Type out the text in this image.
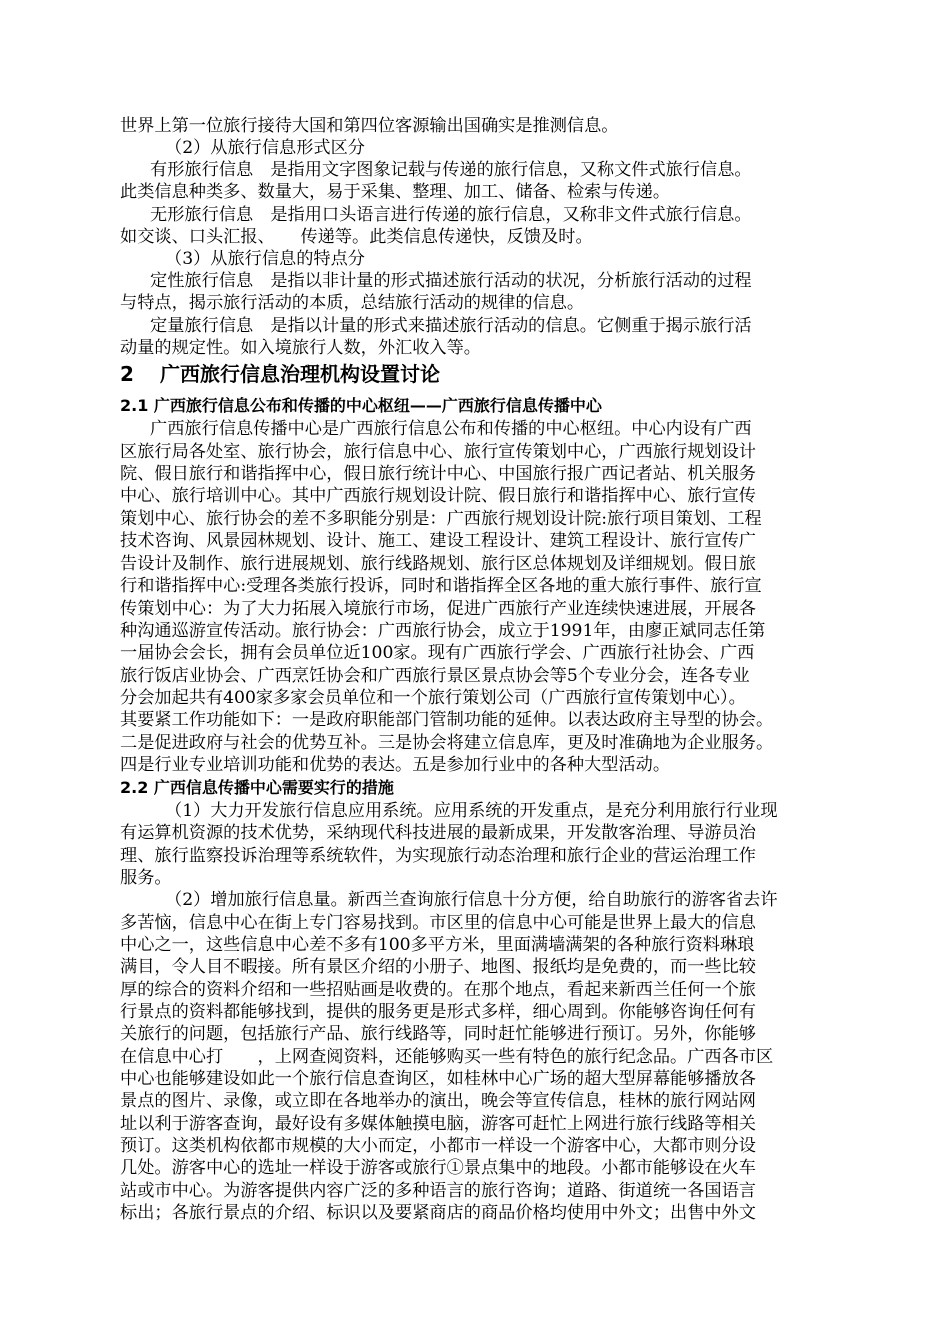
世界上第一位旅行接待大国和第四位客源输出国确实是推测信息。
（2）从旅行信息形式区分
有形旅行信息　是指用文字图象记载与传递的旅行信息，又称文件式旅行信息。
此类信息种类多、数量大，易于采集、整理、加工、储备、检索与传递。
无形旅行信息　是指用口头语言进行传递的旅行信息，又称非文件式旅行信息。
如交谈、口头汇报、　　传递等。此类信息传递快，反馈及时。
（3）从旅行信息的特点分
定性旅行信息　是指以非计量的形式描述旅行活动的状况，分析旅行活动的过程
与特点，揭示旅行活动的本质，总结旅行活动的规律的信息。
定量旅行信息　是指以计量的形式来描述旅行活动的信息。它侧重于揭示旅行活
动量的规定性。如入境旅行人数，外汇收入等。
2 广西旅行信息治理机构设置讨论
2.1 广西旅行信息公布和传播的中心枢纽——广西旅行信息传播中心
广西旅行信息传播中心是广西旅行信息公布和传播的中心枢纽。中心内设有广西
区旅行局各处室、旅行协会，旅行信息中心、旅行宣传策划中心，广西旅行规划设计
院、假日旅行和谐指挥中心，假日旅行统计中心、中国旅行报广西记者站、机关服务
中心、旅行培训中心。其中广西旅行规划设计院、假日旅行和谐指挥中心、旅行宣传
策划中心、旅行协会的差不多职能分别是：广西旅行规划设计院:旅行项目策划、工程
技术咨询、风景园林规划、设计、施工、建设工程设计、建筑工程设计、旅行宣传广
告设计及制作、旅行进展规划、旅行线路规划、旅行区总体规划及详细规划。假日旅
行和谐指挥中心:受理各类旅行投诉，同时和谐指挥全区各地的重大旅行事件、旅行宣
传策划中心：为了大力拓展入境旅行市场，促进广西旅行产业连续快速进展，开展各
种沟通巡游宣传活动。旅行协会：广西旅行协会，成立于1991年，由廖正斌同志任第
一届协会会长，拥有会员单位近100家。现有广西旅行学会、广西旅行社协会、广西
旅行饭店业协会、广西烹饪协会和广西旅行景区景点协会等5个专业分会，连各专业
分会加起共有400家多家会员单位和一个旅行策划公司（广西旅行宣传策划中心）。
其要紧工作功能如下：一是政府职能部门管制功能的延伸。以表达政府主导型的协会。
二是促进政府与社会的优势互补。三是协会将建立信息库，更及时准确地为企业服务。
四是行业专业培训功能和优势的表达。五是参加行业中的各种大型活动。
2.2 广西信息传播中心需要实行的措施
（1）大力开发旅行信息应用系统。应用系统的开发重点，是充分利用旅行行业现
有运算机资源的技术优势，采纳现代科技进展的最新成果，开发散客治理、导游员治
理、旅行监察投诉治理等系统软件，为实现旅行动态治理和旅行企业的营运治理工作
服务。
（2）增加旅行信息量。新西兰查询旅行信息十分方便，给自助旅行的游客省去许
多苦恼，信息中心在街上专门容易找到。市区里的信息中心可能是世界上最大的信息
中心之一，这些信息中心差不多有100多平方米，里面满墙满架的各种旅行资料琳琅
满目，令人目不暇接。所有景区介绍的小册子、地图、报纸均是免费的，而一些比较
厚的综合的资料介绍和一些招贴画是收费的。在那个地点，看起来新西兰任何一个旅
行景点的资料都能够找到，提供的服务更是形式多样，细心周到。你能够咨询任何有
关旅行的问题，包括旅行产品、旅行线路等，同时赶忙能够进行预订。另外，你能够
在信息中心打　　，上网查阅资料，还能够购买一些有特色的旅行纪念品。广西各市区
中心也能够建设如此一个旅行信息查询区，如桂林中心广场的超大型屏幕能够播放各
景点的图片、录像，或立即在各地举办的演出，晚会等宣传信息，桂林的旅行网站网
址以利于游客查询，最好设有多媒体触摸电脑，游客可赶忙上网进行旅行线路等相关
预订。这类机构依都市规模的大小而定，小都市一样设一个游客中心，大都市则分设
几处。游客中心的选址一样设于游客或旅行①景点集中的地段。小都市能够设在火车
站或市中心。为游客提供内容广泛的多种语言的旅行咨询；道路、街道统一各国语言
标出；各旅行景点的介绍、标识以及要紧商店的商品价格均使用中外文；出售中外文
